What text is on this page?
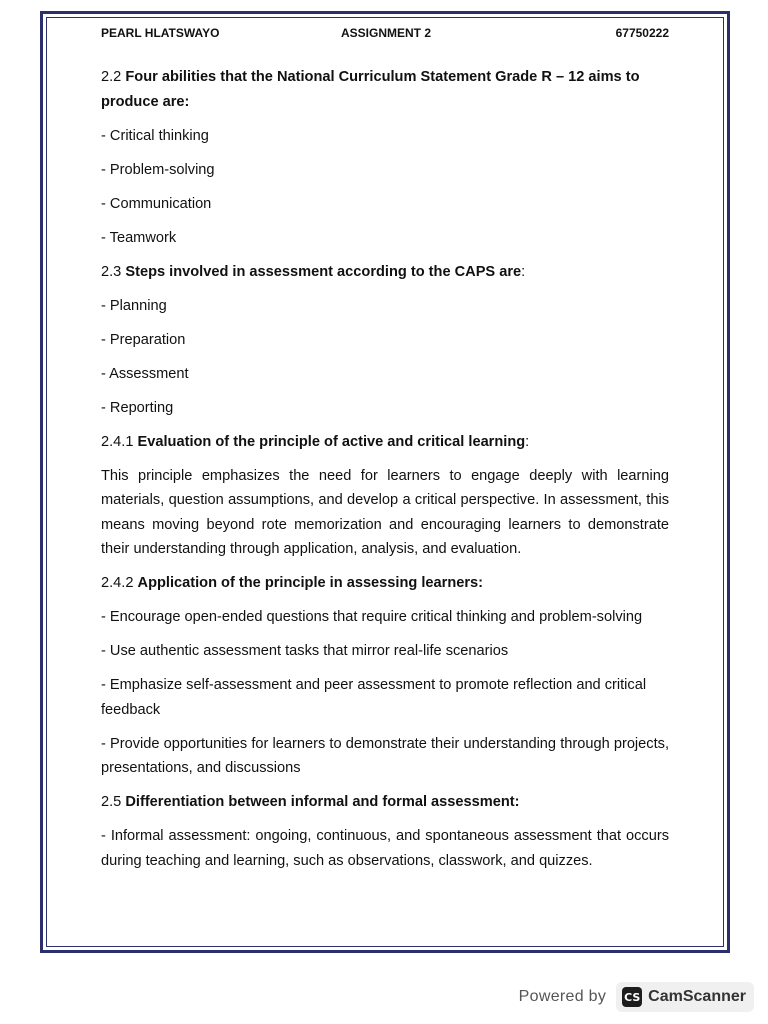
PEARL HLATSWAYO	ASSIGNMENT 2	67750222

2.2 Four abilities that the National Curriculum Statement Grade R – 12 aims to produce are:

- Critical thinking

- Problem-solving

- Communication

- Teamwork

2.3 Steps involved in assessment according to the CAPS are:

- Planning

- Preparation

- Assessment

- Reporting

2.4.1 Evaluation of the principle of active and critical learning:

This principle emphasizes the need for learners to engage deeply with learning materials, question assumptions, and develop a critical perspective. In assessment, this means moving beyond rote memorization and encouraging learners to demonstrate their understanding through application, analysis, and evaluation.

2.4.2 Application of the principle in assessing learners:

- Encourage open-ended questions that require critical thinking and problem-solving

- Use authentic assessment tasks that mirror real-life scenarios

- Emphasize self-assessment and peer assessment to promote reflection and critical feedback

- Provide opportunities for learners to demonstrate their understanding through projects, presentations, and discussions

2.5 Differentiation between informal and formal assessment:

- Informal assessment: ongoing, continuous, and spontaneous assessment that occurs during teaching and learning, such as observations, classwork, and quizzes.

Powered by CS CamScanner
